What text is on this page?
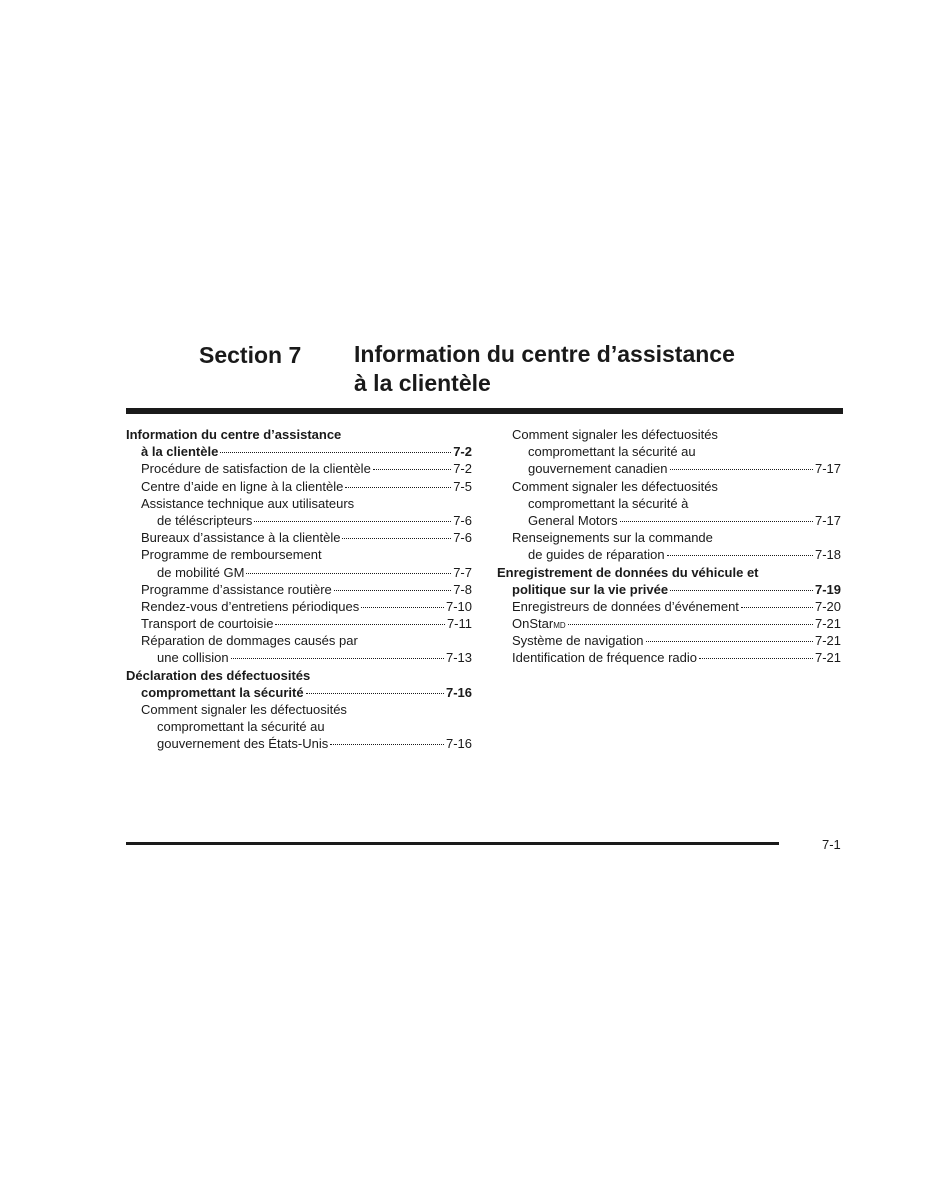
Section 7 Information du centre d’assistance
à la clientèle
Information du centre d’assistance
à la clientèle	7-2
Procédure de satisfaction de la clientèle	7-2
Centre d’aide en ligne à la clientèle	7-5
Assistance technique aux utilisateurs
de téléscripteurs	7-6
Bureaux d’assistance à la clientèle	7-6
Programme de remboursement
de mobilité GM	7-7
Programme d’assistance routière	7-8
Rendez-vous d’entretiens périodiques	7-10
Transport de courtoisie	7-11
Réparation de dommages causés par
une collision	7-13
Déclaration des défectuosités
compromettant la sécurité	7-16
Comment signaler les défectuosités
compromettant la sécurité au
gouvernement des États-Unis	7-16
Comment signaler les défectuosités
compromettant la sécurité au
gouvernement canadien	7-17
Comment signaler les défectuosités
compromettant la sécurité à
General Motors	7-17
Renseignements sur la commande
de guides de réparation	7-18
Enregistrement de données du véhicule et
politique sur la vie privée	7-19
Enregistreurs de données d’événement	7-20
OnStar MD	7-21
Système de navigation	7-21
Identification de fréquence radio	7-21
7-1
